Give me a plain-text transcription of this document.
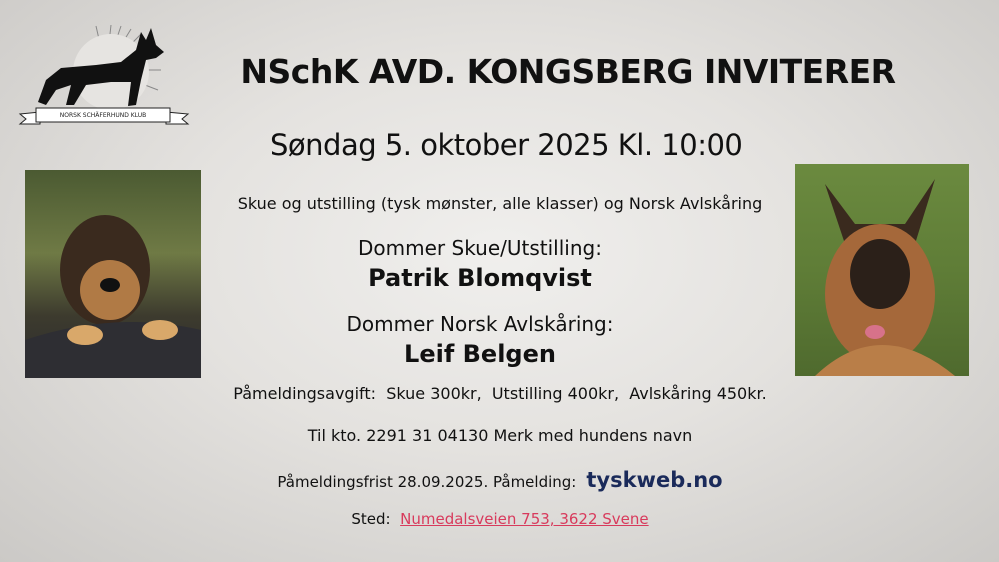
NORSK SCHÄFERHUND KLUB
NSchK AVD. KONGSBERG INVITERER
Søndag 5. oktober 2025 Kl. 10:00
Skue og utstilling (tysk mønster, alle klasser) og Norsk Avlskåring
Dommer Skue/Utstilling:
Patrik Blomqvist
Dommer Norsk Avlskåring:
Leif Belgen
Påmeldingsavgift:  Skue 300kr,  Utstilling 400kr,  Avlskåring 450kr.
Til kto. 2291 31 04130 Merk med hundens navn
Påmeldingsfrist 28.09.2025. Påmelding: tyskweb.no
Sted: Numedalsveien 753, 3622 Svene
